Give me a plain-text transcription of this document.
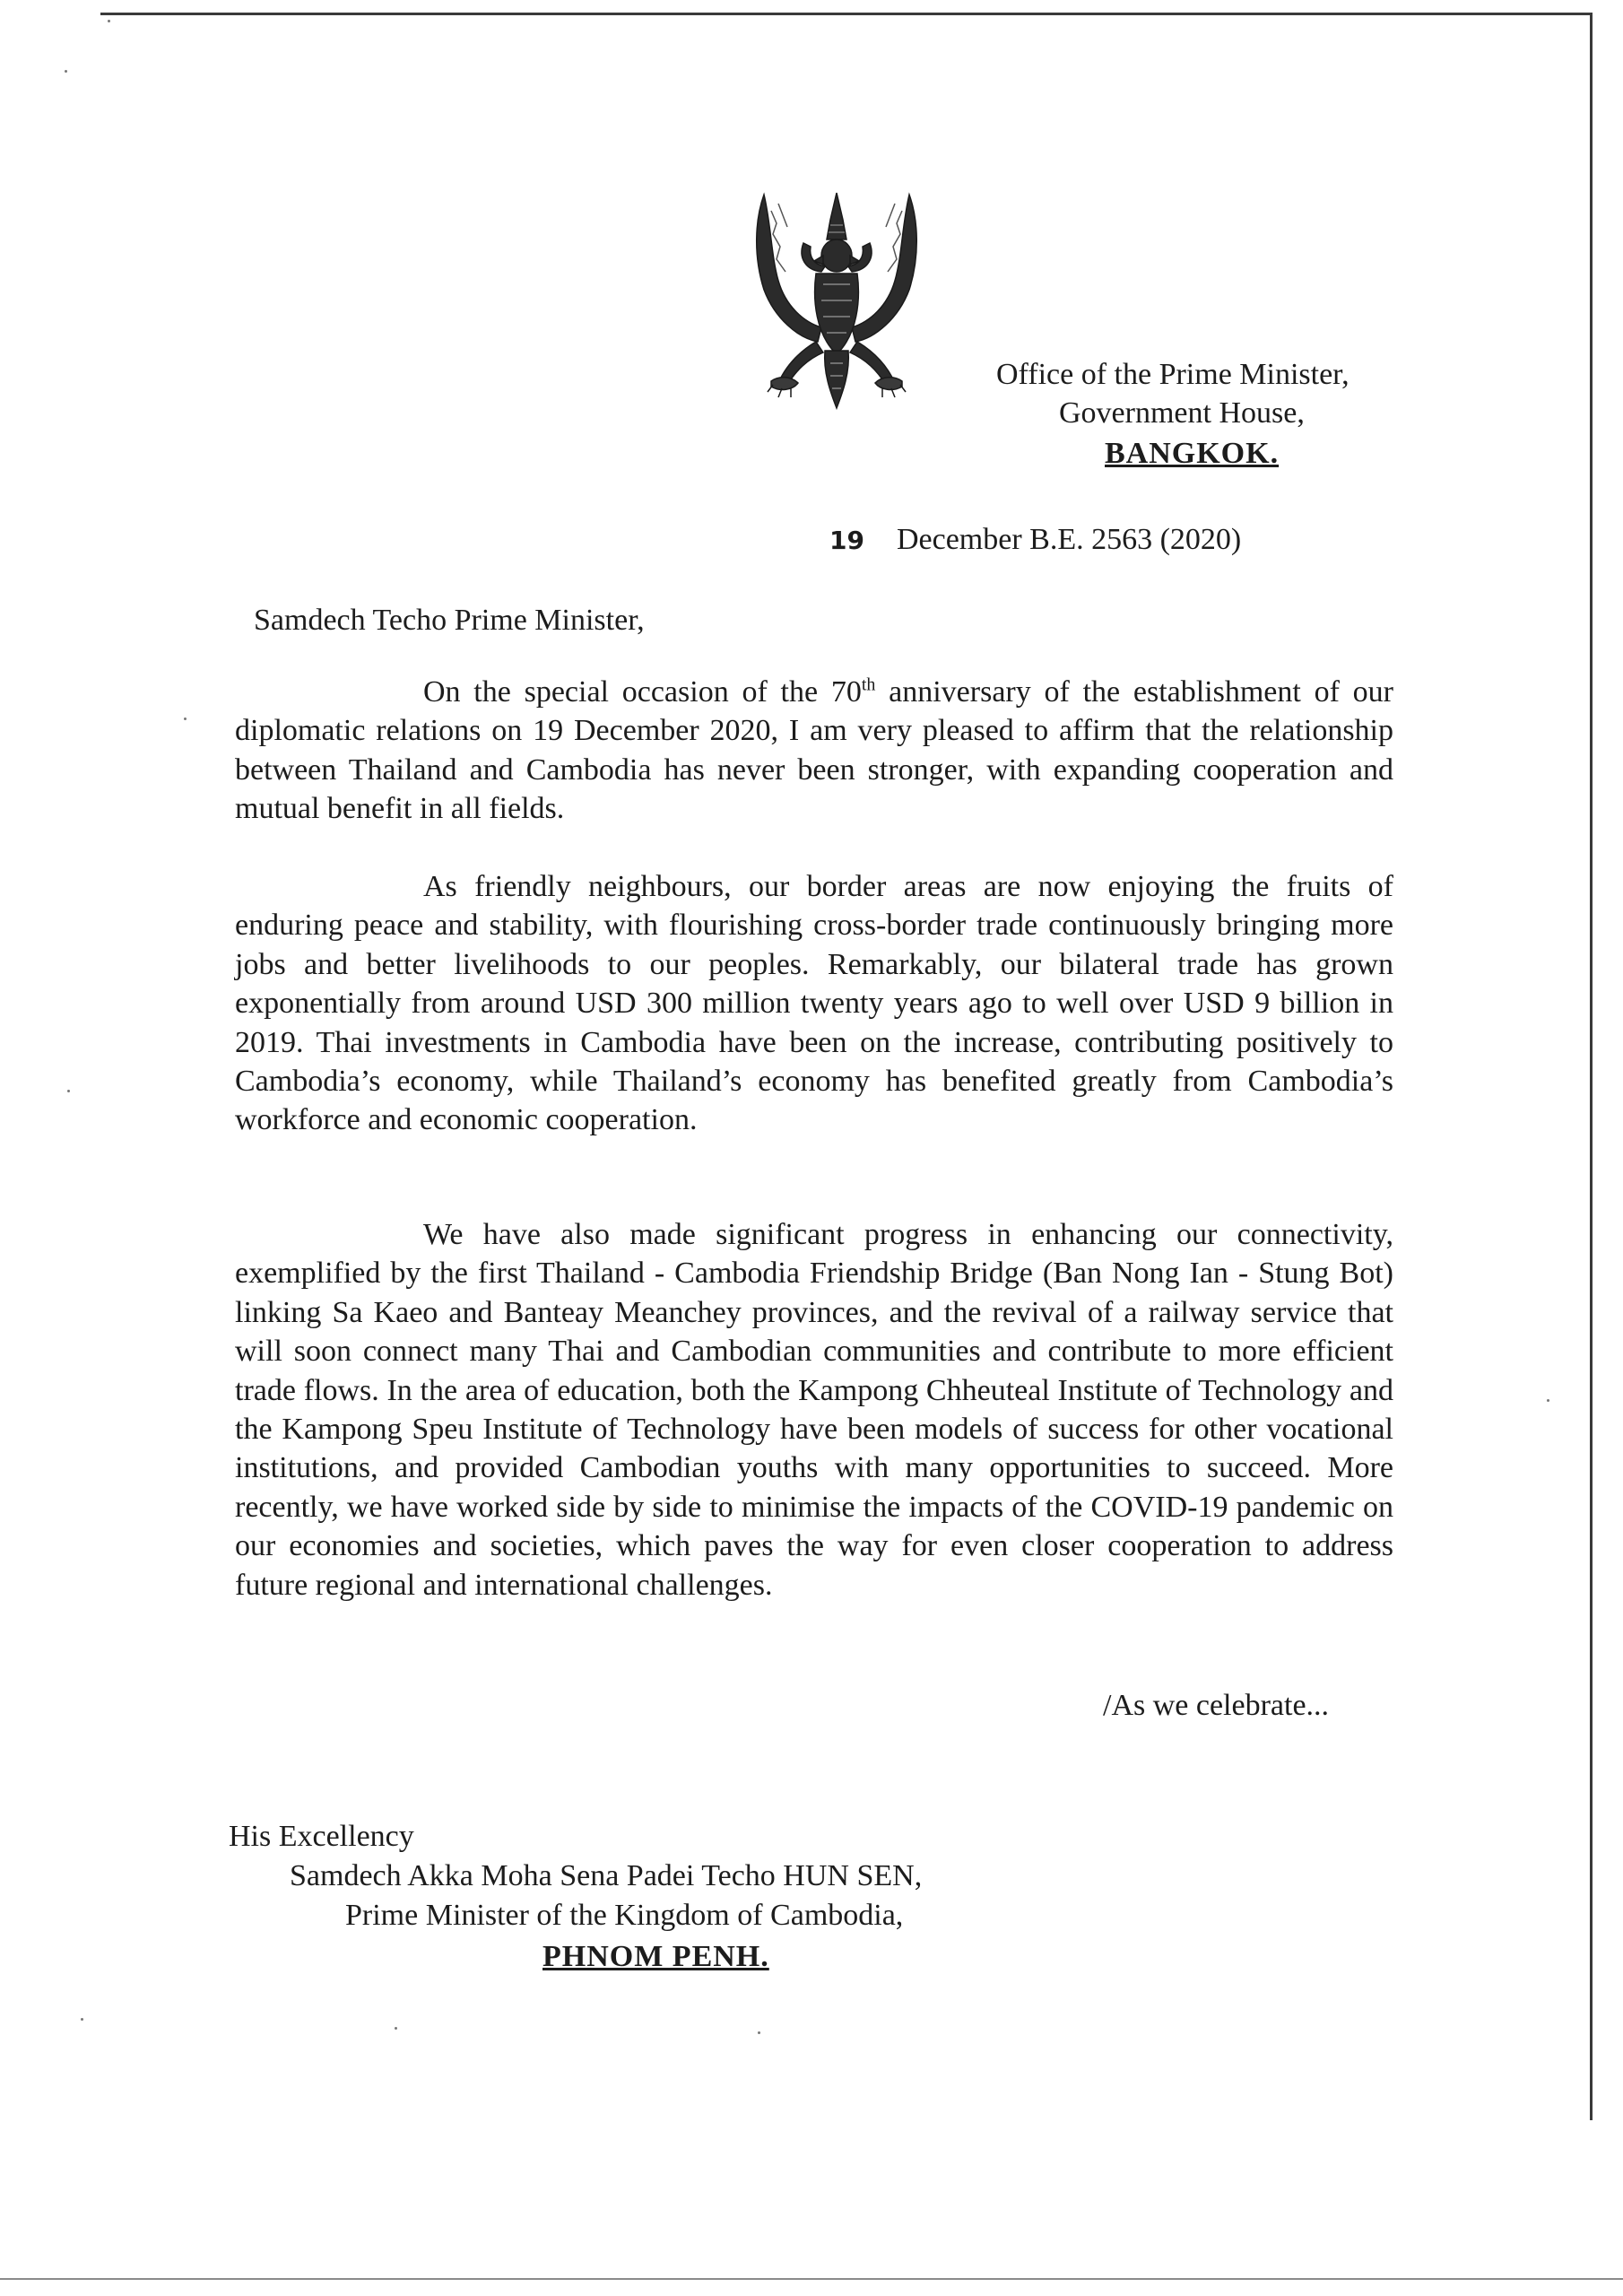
Office of the Prime Minister,
Government House,
BANGKOK.
19 December B.E. 2563 (2020)
Samdech Techo Prime Minister,

On the special occasion of the 70th anniversary of the establishment of our diplomatic relations on 19 December 2020, I am very pleased to affirm that the relationship between Thailand and Cambodia has never been stronger, with expanding cooperation and mutual benefit in all fields.

As friendly neighbours, our border areas are now enjoying the fruits of enduring peace and stability, with flourishing cross-border trade continuously bringing more jobs and better livelihoods to our peoples. Remarkably, our bilateral trade has grown exponentially from around USD 300 million twenty years ago to well over USD 9 billion in 2019. Thai investments in Cambodia have been on the increase, contributing positively to Cambodia’s economy, while Thailand’s economy has benefited greatly from Cambodia’s workforce and economic cooperation.

We have also made significant progress in enhancing our connectivity, exemplified by the first Thailand - Cambodia Friendship Bridge (Ban Nong Ian - Stung Bot) linking Sa Kaeo and Banteay Meanchey provinces, and the revival of a railway service that will soon connect many Thai and Cambodian communities and contribute to more efficient trade flows. In the area of education, both the Kampong Chheuteal Institute of Technology and the Kampong Speu Institute of Technology have been models of success for other vocational institutions, and provided Cambodian youths with many opportunities to succeed. More recently, we have worked side by side to minimise the impacts of the COVID-19 pandemic on our economies and societies, which paves the way for even closer cooperation to address future regional and international challenges.

/As we celebrate...
His Excellency
Samdech Akka Moha Sena Padei Techo HUN SEN,
Prime Minister of the Kingdom of Cambodia,
PHNOM PENH.
